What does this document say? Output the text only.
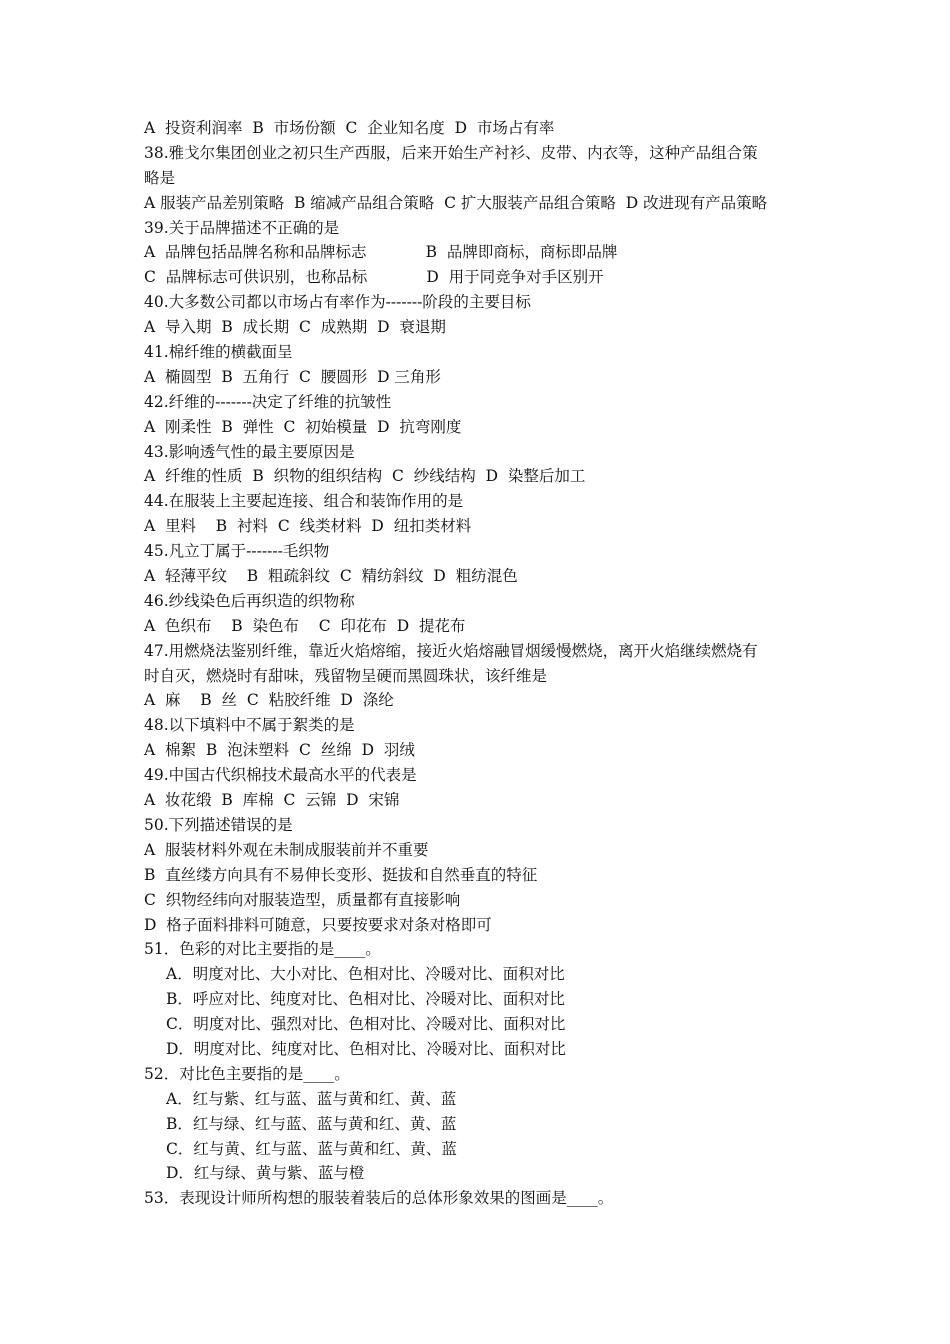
A  投资利润率  B  市场份额  C  企业知名度  D  市场占有率
38.雅戈尔集团创业之初只生产西服，后来开始生产衬衫、皮带、内衣等，这种产品组合策
略是
A 服装产品差别策略  B 缩减产品组合策略  C 扩大服装产品组合策略  D 改进现有产品策略
39.关于品牌描述不正确的是
A  品牌包括品牌名称和品牌标志            B  品牌即商标，商标即品牌
C  品牌标志可供识别，也称品标            D  用于同竞争对手区别开
40.大多数公司都以市场占有率作为-------阶段的主要目标
A  导入期  B  成长期  C  成熟期  D  衰退期
41.棉纤维的横截面呈
A  椭圆型  B  五角行  C  腰圆形  D 三角形
42.纤维的-------决定了纤维的抗皱性
A  刚柔性  B  弹性  C  初始模量  D  抗弯刚度
43.影响透气性的最主要原因是
A  纤维的性质  B  织物的组织结构  C  纱线结构  D  染整后加工
44.在服装上主要起连接、组合和装饰作用的是
A  里料    B  衬料  C  线类材料  D  纽扣类材料
45.凡立丁属于-------毛织物
A  轻薄平纹    B  粗疏斜纹  C  精纺斜纹  D  粗纺混色
46.纱线染色后再织造的织物称
A  色织布    B  染色布    C  印花布  D  提花布
47.用燃烧法鉴别纤维，靠近火焰熔缩，接近火焰熔融冒烟缓慢燃烧，离开火焰继续燃烧有
时自灭，燃烧时有甜味，残留物呈硬而黑圆珠状，该纤维是
A  麻    B  丝  C  粘胶纤维  D  涤纶
48.以下填料中不属于絮类的是
A  棉絮  B  泡沫塑料  C  丝绵  D  羽绒
49.中国古代织棉技术最高水平的代表是
A  妆花缎  B  库棉  C  云锦  D  宋锦
50.下列描述错误的是
A  服装材料外观在未制成服装前并不重要
B  直丝缕方向具有不易伸长变形、挺拔和自然垂直的特征
C  织物经纬向对服装造型，质量都有直接影响
D  格子面料排料可随意，只要按要求对条对格即可
51．色彩的对比主要指的是____。
A．明度对比、大小对比、色相对比、冷暖对比、面积对比
B．呼应对比、纯度对比、色相对比、冷暖对比、面积对比
C．明度对比、强烈对比、色相对比、冷暖对比、面积对比
D．明度对比、纯度对比、色相对比、冷暖对比、面积对比
52．对比色主要指的是____。
A．红与紫、红与蓝、蓝与黄和红、黄、蓝
B．红与绿、红与蓝、蓝与黄和红、黄、蓝
C．红与黄、红与蓝、蓝与黄和红、黄、蓝
D．红与绿、黄与紫、蓝与橙
53．表现设计师所构想的服装着装后的总体形象效果的图画是____。
